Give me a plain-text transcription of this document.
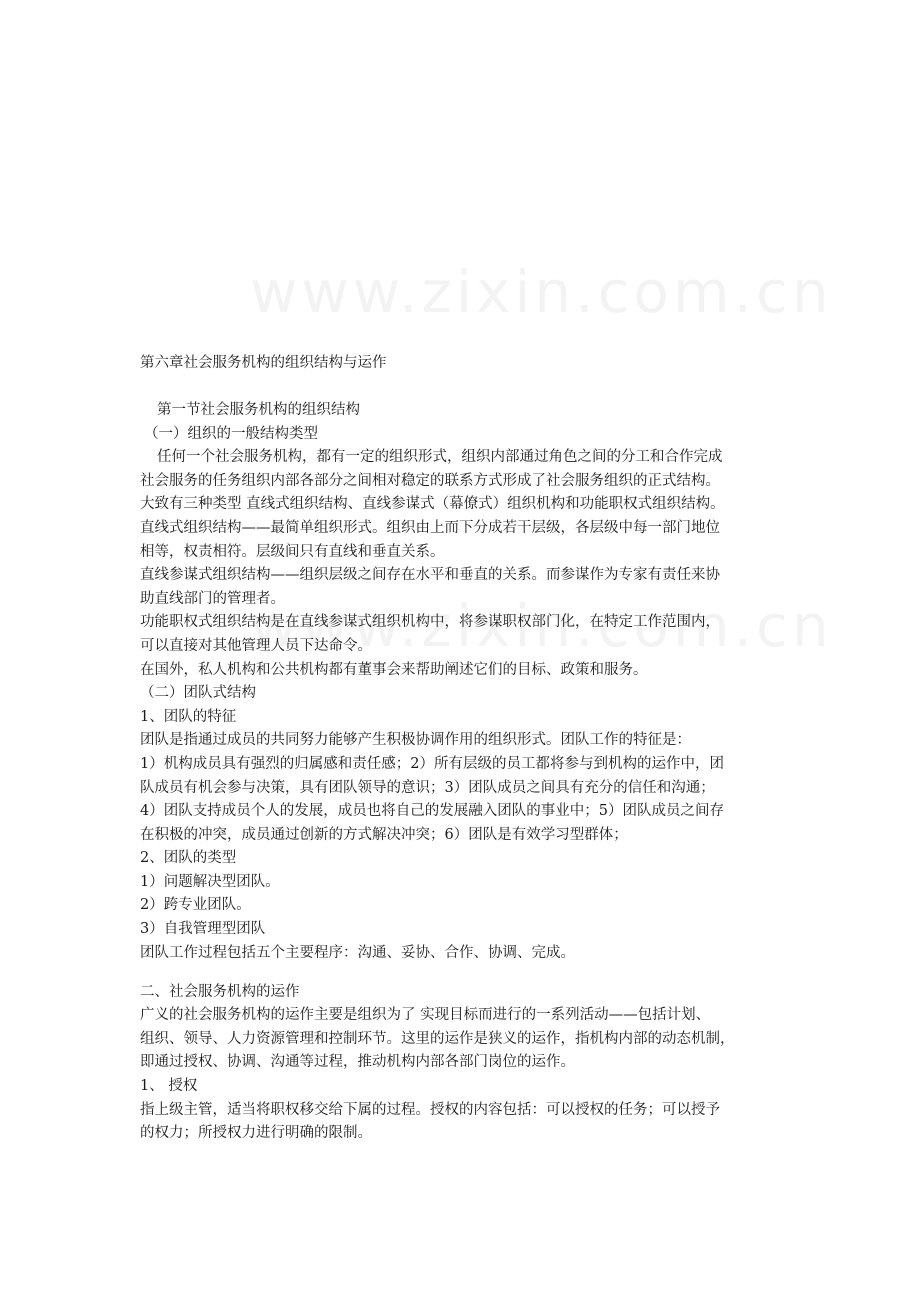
第六章社会服务机构的组织结构与运作
第一节社会服务机构的组织结构
（一）组织的一般结构类型
任何一个社会服务机构，都有一定的组织形式，组织内部通过角色之间的分工和合作完成
社会服务的任务组织内部各部分之间相对稳定的联系方式形成了社会服务组织的正式结构。
大致有三种类型 直线式组织结构、直线参谋式（幕僚式）组织机构和功能职权式组织结构。
直线式组织结构——最简单组织形式。组织由上而下分成若干层级，各层级中每一部门地位
相等，权责相符。层级间只有直线和垂直关系。
直线参谋式组织结构——组织层级之间存在水平和垂直的关系。而参谋作为专家有责任来协
助直线部门的管理者。
功能职权式组织结构是在直线参谋式组织机构中，将参谋职权部门化，在特定工作范围内，
可以直接对其他管理人员下达命令。
在国外，私人机构和公共机构都有董事会来帮助阐述它们的目标、政策和服务。
（二）团队式结构
1、团队的特征
团队是指通过成员的共同努力能够产生积极协调作用的组织形式。团队工作的特征是：
1）机构成员具有强烈的归属感和责任感；2）所有层级的员工都将参与到机构的运作中，团
队成员有机会参与决策，具有团队领导的意识；3）团队成员之间具有充分的信任和沟通；
4）团队支持成员个人的发展，成员也将自己的发展融入团队的事业中；5）团队成员之间存
在积极的冲突，成员通过创新的方式解决冲突；6）团队是有效学习型群体；
2、团队的类型
1）问题解决型团队。
2）跨专业团队。
3）自我管理型团队
团队工作过程包括五个主要程序：沟通、妥协、合作、协调、完成。
二、社会服务机构的运作
广义的社会服务机构的运作主要是组织为了 实现目标而进行的一系列活动——包括计划、
组织、领导、人力资源管理和控制环节。这里的运作是狭义的运作，指机构内部的动态机制，
即通过授权、协调、沟通等过程，推动机构内部各部门岗位的运作。
1、 授权
指上级主管，适当将职权移交给下属的过程。授权的内容包括：可以授权的任务；可以授予
的权力；所授权力进行明确的限制。
